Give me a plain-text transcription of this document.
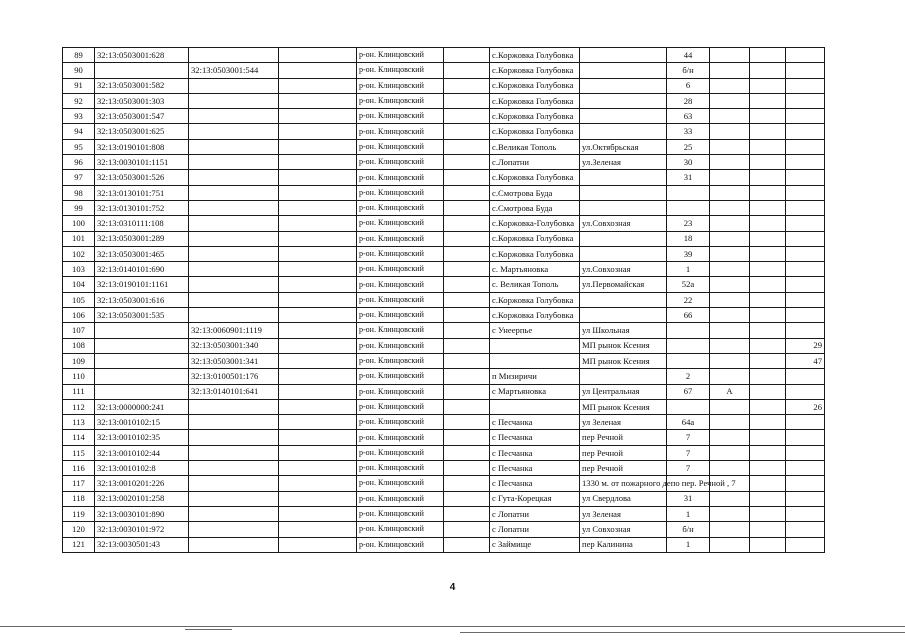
89	32:13:0503001:628			р-он. Клинцовский		с.Коржовка Голубовка		44			
90		32:13:0503001:544		р-он. Клинцовский		с.Коржовка Голубовка		б/н			
91	32:13:0503001:582			р-он. Клинцовский		с.Коржовка Голубовка		6			
92	32:13:0503001:303			р-он. Клинцовский		с.Коржовка Голубовка		28			
93	32:13:0503001:547			р-он. Клинцовский		с.Коржовка Голубовка		63			
94	32:13:0503001:625			р-он. Клинцовский		с.Коржовка Голубовка		33			
95	32:13:0190101:808			р-он. Клинцовский		с.Великая Тополь	ул.Октябрьская	25			
96	32:13:0030101:1151			р-он. Клинцовский		с.Лопатни	ул.Зеленая	30			
97	32:13:0503001:526			р-он. Клинцовский		с.Коржовка Голубовка		31			
98	32:13:0130101:751			р-он. Клинцовский		с.Смотрова Буда					
99	32:13:0130101:752			р-он. Клинцовский		с.Смотрова Буда					
100	32:13:0310111:108			р-он. Клинцовский		с.Коржовка-Голубовка	ул.Совхозная	23			
101	32:13:0503001:289			р-он. Клинцовский		с.Коржовка Голубовка		18			
102	32:13:0503001:465			р-он. Клинцовский		с.Коржовка Голубовка		39			
103	32:13:0140101:690			р-он. Клинцовский		с. Мартьяновка	ул.Совхозная	1			
104	32:13:0190101:1161			р-он. Клинцовский		с. Великая Тополь	ул.Первомайская	52а			
105	32:13:0503001:616			р-он. Клинцовский		с.Коржовка Голубовка		22			
106	32:13:0503001:535			р-он. Клинцовский		с.Коржовка Голубовка		66			
107		32:13:0060901:1119		р-он. Клинцовский		с Унеерпье	ул Школьная				
108		32:13:0503001:340		р-он. Клинцовский			МП рынок Ксения				29
109		32:13:0503001:341		р-он. Клинцовский			МП рынок Ксения				47
110		32:13:0100501:176		р-он. Клинцовский		п Мизиричи		2			
111		32:13:0140101:641		р-он. Клинцовский		с Мартьяновка	ул Центральная	67	А		
112	32:13:0000000:241			р-он. Клинцовский			МП рынок Ксения				26
113	32:13:0010102:15			р-он. Клинцовский		с Песчанка	ул Зеленая	64а			
114	32:13:0010102:35			р-он. Клинцовский		с Песчанка	пер Речной	7			
115	32:13:0010102:44			р-он. Клинцовский		с Песчанка	пер Речной	7			
116	32:13:0010102:8			р-он. Клинцовский		с Песчанка	пер Речной	7			
117	32:13:0010201:226			р-он. Клинцовский		с Песчанка	1330 м. от пожарного депо пер. Речной , 7				
118	32:13:0020101:258			р-он. Клинцовский		с Гута-Корецкая	ул Свердлова	31			
119	32:13:0030101:890			р-он. Клинцовский		с Лопатни	ул Зеленая	1			
120	32:13:0030101:972			р-он. Клинцовский		с Лопатни	ул Совхозная	б/н			
121	32:13:0030501:43			р-он. Клинцовский		с Займище	пер Калинина	1			
4
